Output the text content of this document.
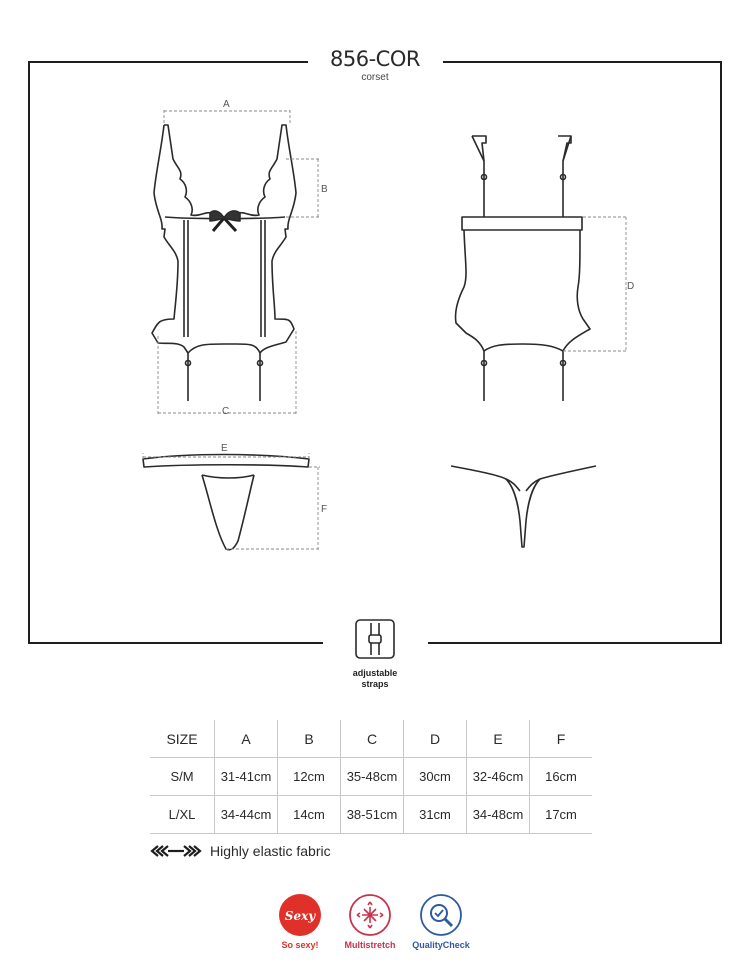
A
B
C
D
E
F
856-COR
corset
adjustable
straps
SIZE	A	B	C	D	E	F
S/M	31-41cm	12cm	35-48cm	30cm	32-46cm	16cm
L/XL	34-44cm	14cm	38-51cm	31cm	34-48cm	17cm
Highly elastic fabric
Sexy
So sexy!	Multistretch	QualityCheck
